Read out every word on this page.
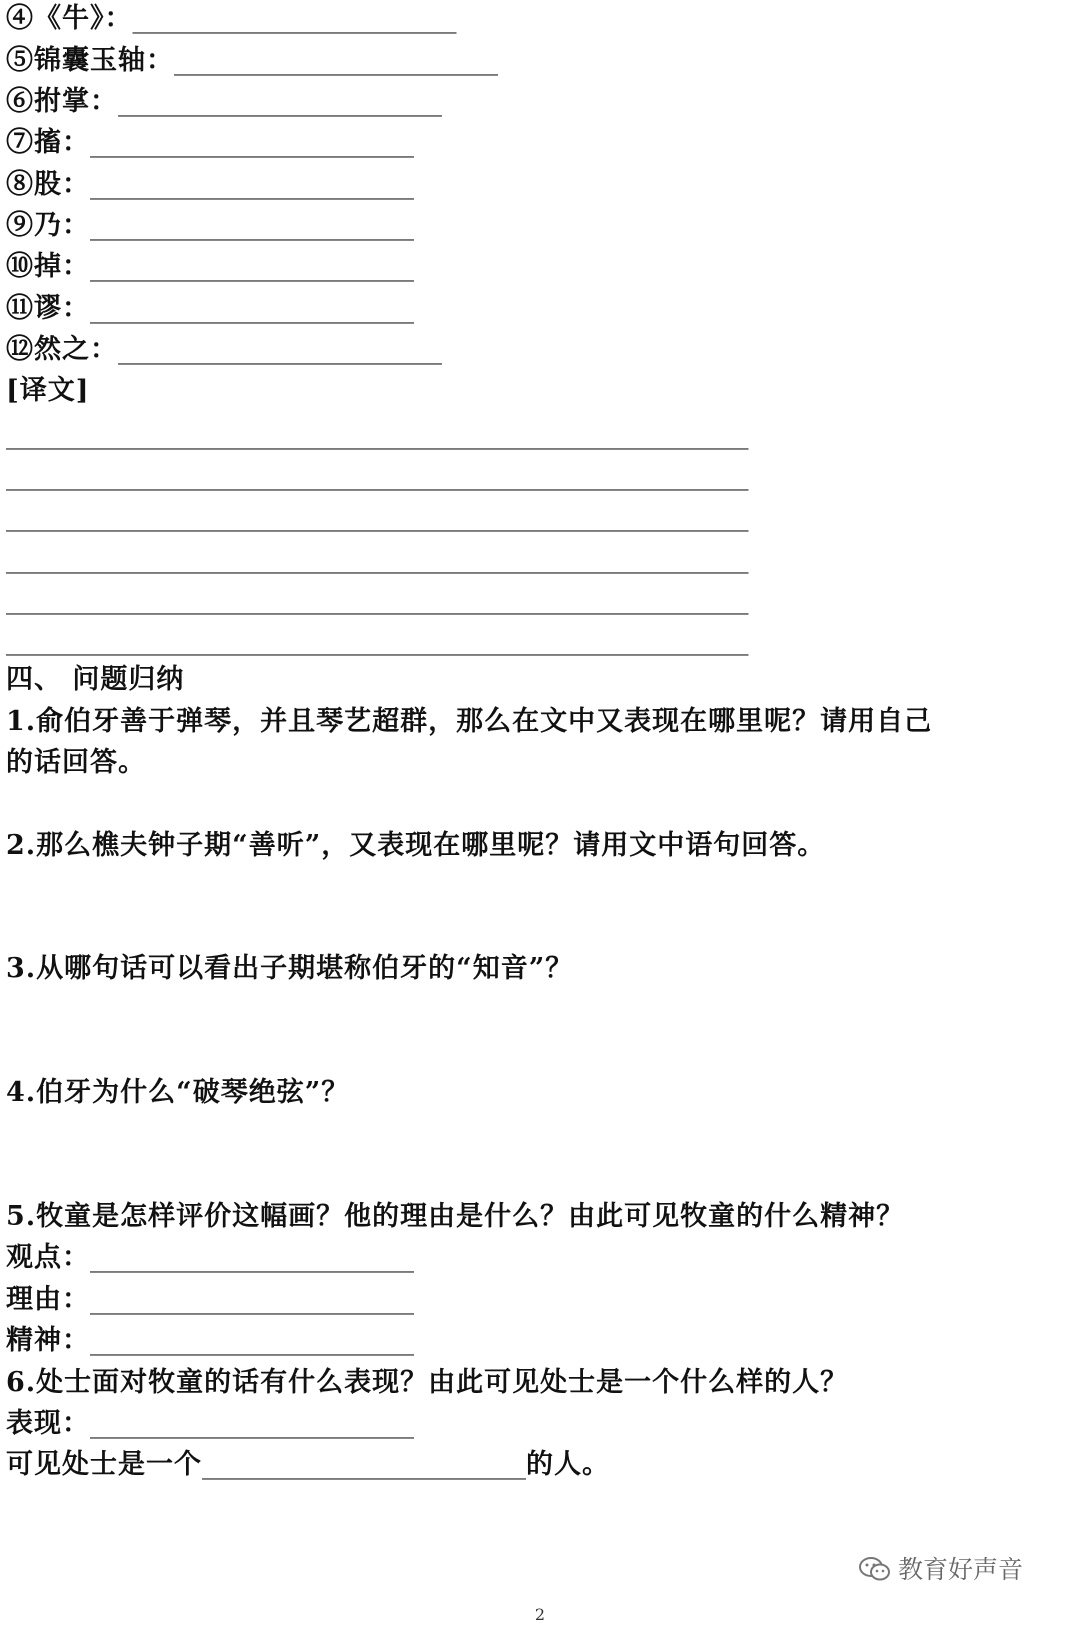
④《牛》：________________________
⑤锦囊玉轴：________________________
⑥拊掌：________________________
⑦搐：________________________
⑧股：________________________
⑨乃：________________________
⑩掉：________________________
⑪谬：________________________
⑫然之：________________________
[译文]
_______________________________________________________
_______________________________________________________
_______________________________________________________
_______________________________________________________
_______________________________________________________
_______________________________________________________
四、 问题归纳
1.俞伯牙善于弹琴，并且琴艺超群，那么在文中又表现在哪里呢？请用自己
的话回答。
2.那么樵夫钟子期“善听”，又表现在哪里呢？请用文中语句回答。
3.从哪句话可以看出子期堪称伯牙的“知音”？
4.伯牙为什么“破琴绝弦”？
5.牧童是怎样评价这幅画？他的理由是什么？由此可见牧童的什么精神？
观点：________________________
理由：________________________
精神：________________________
6.处士面对牧童的话有什么表现？由此可见处士是一个什么样的人？
表现：________________________
可见处士是一个________________________的人。
教育好声音
2
